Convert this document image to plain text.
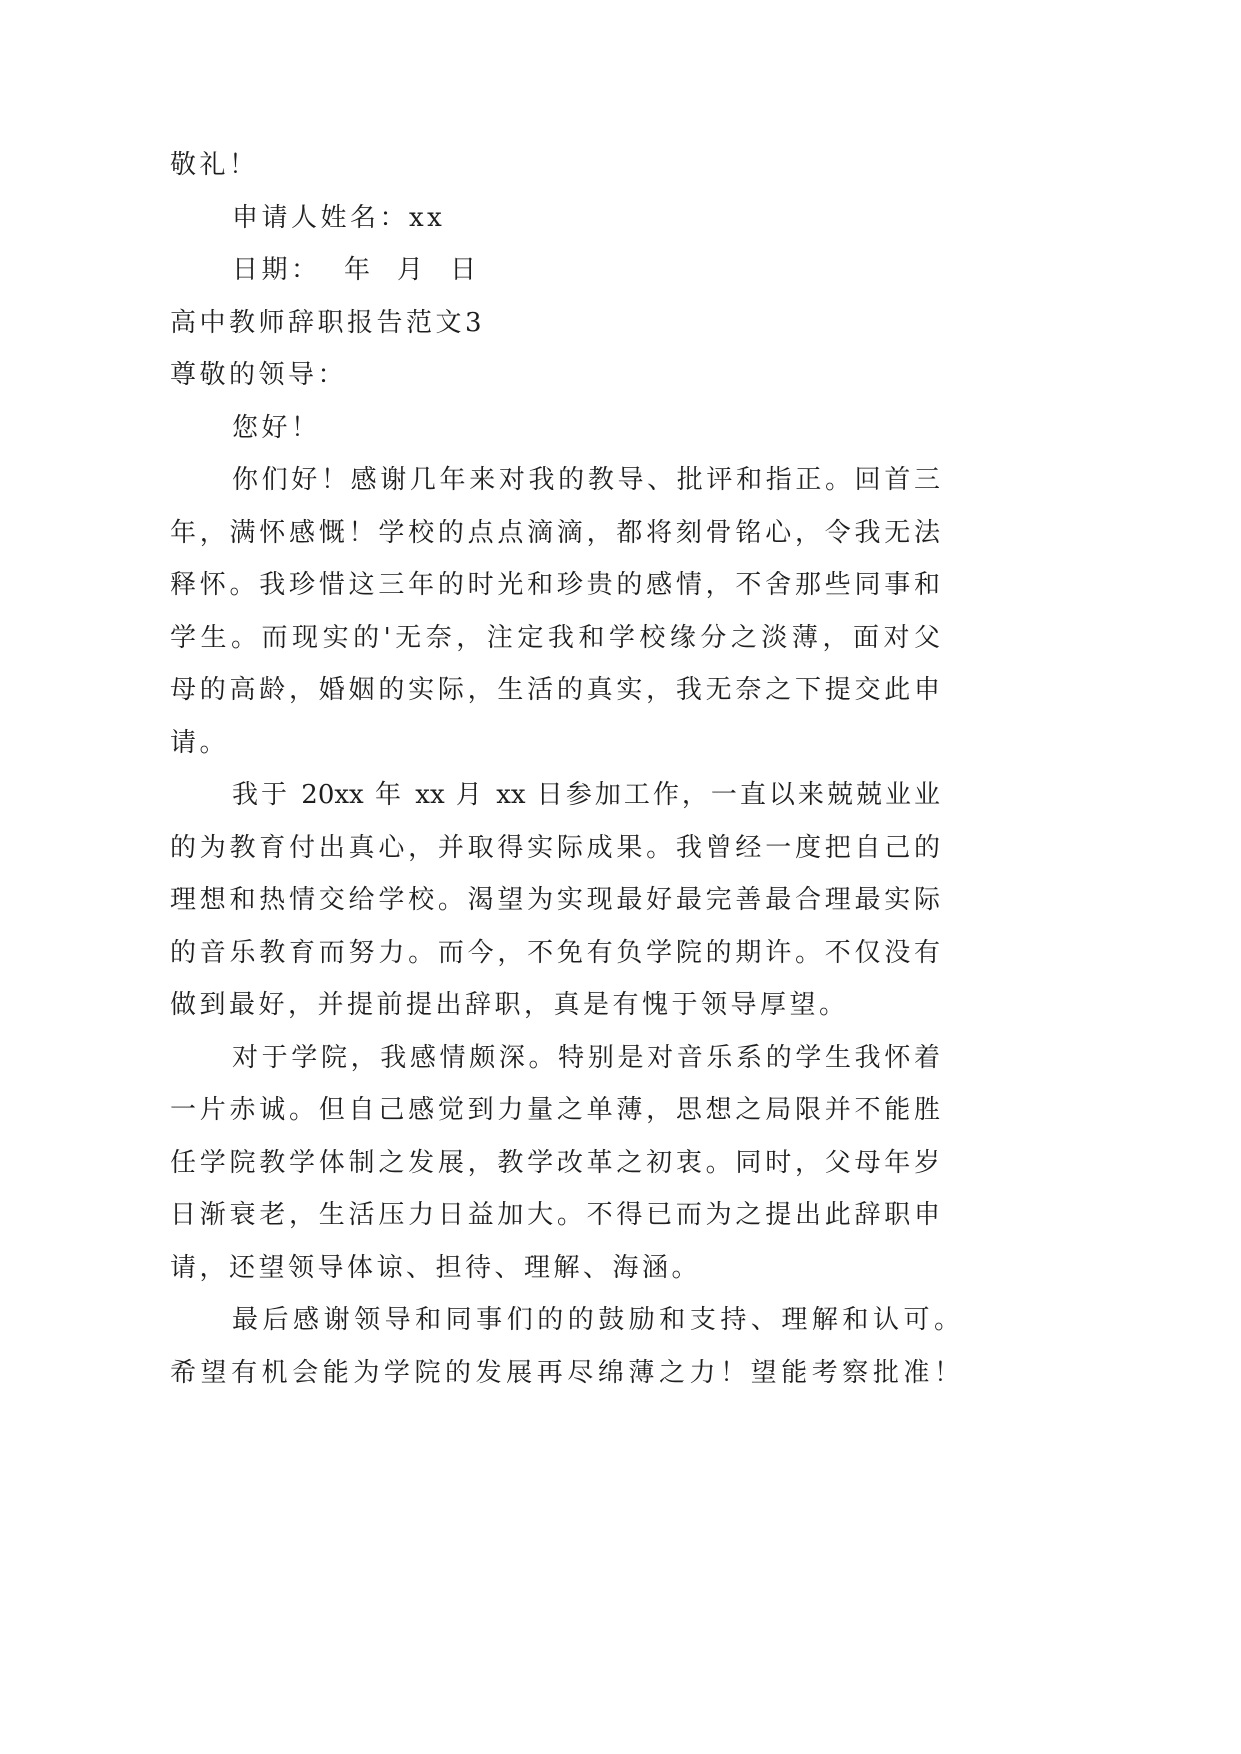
敬礼！
申请人姓名：xx
日期：  年  月  日
高中教师辞职报告范文3
尊敬的领导：
您好！
你们好！感谢几年来对我的教导、批评和指正。回首三
年，满怀感慨！学校的点点滴滴，都将刻骨铭心，令我无法
释怀。我珍惜这三年的时光和珍贵的感情，不舍那些同事和
学生。而现实的'无奈，注定我和学校缘分之淡薄，面对父
母的高龄，婚姻的实际，生活的真实，我无奈之下提交此申
请。
我于 20xx 年 xx 月 xx 日参加工作，一直以来兢兢业业
的为教育付出真心，并取得实际成果。我曾经一度把自己的
理想和热情交给学校。渴望为实现最好最完善最合理最实际
的音乐教育而努力。而今，不免有负学院的期许。不仅没有
做到最好，并提前提出辞职，真是有愧于领导厚望。
对于学院，我感情颇深。特别是对音乐系的学生我怀着
一片赤诚。但自己感觉到力量之单薄，思想之局限并不能胜
任学院教学体制之发展，教学改革之初衷。同时，父母年岁
日渐衰老，生活压力日益加大。不得已而为之提出此辞职申
请，还望领导体谅、担待、理解、海涵。
最后感谢领导和同事们的的鼓励和支持、理解和认可。
希望有机会能为学院的发展再尽绵薄之力！望能考察批准！
